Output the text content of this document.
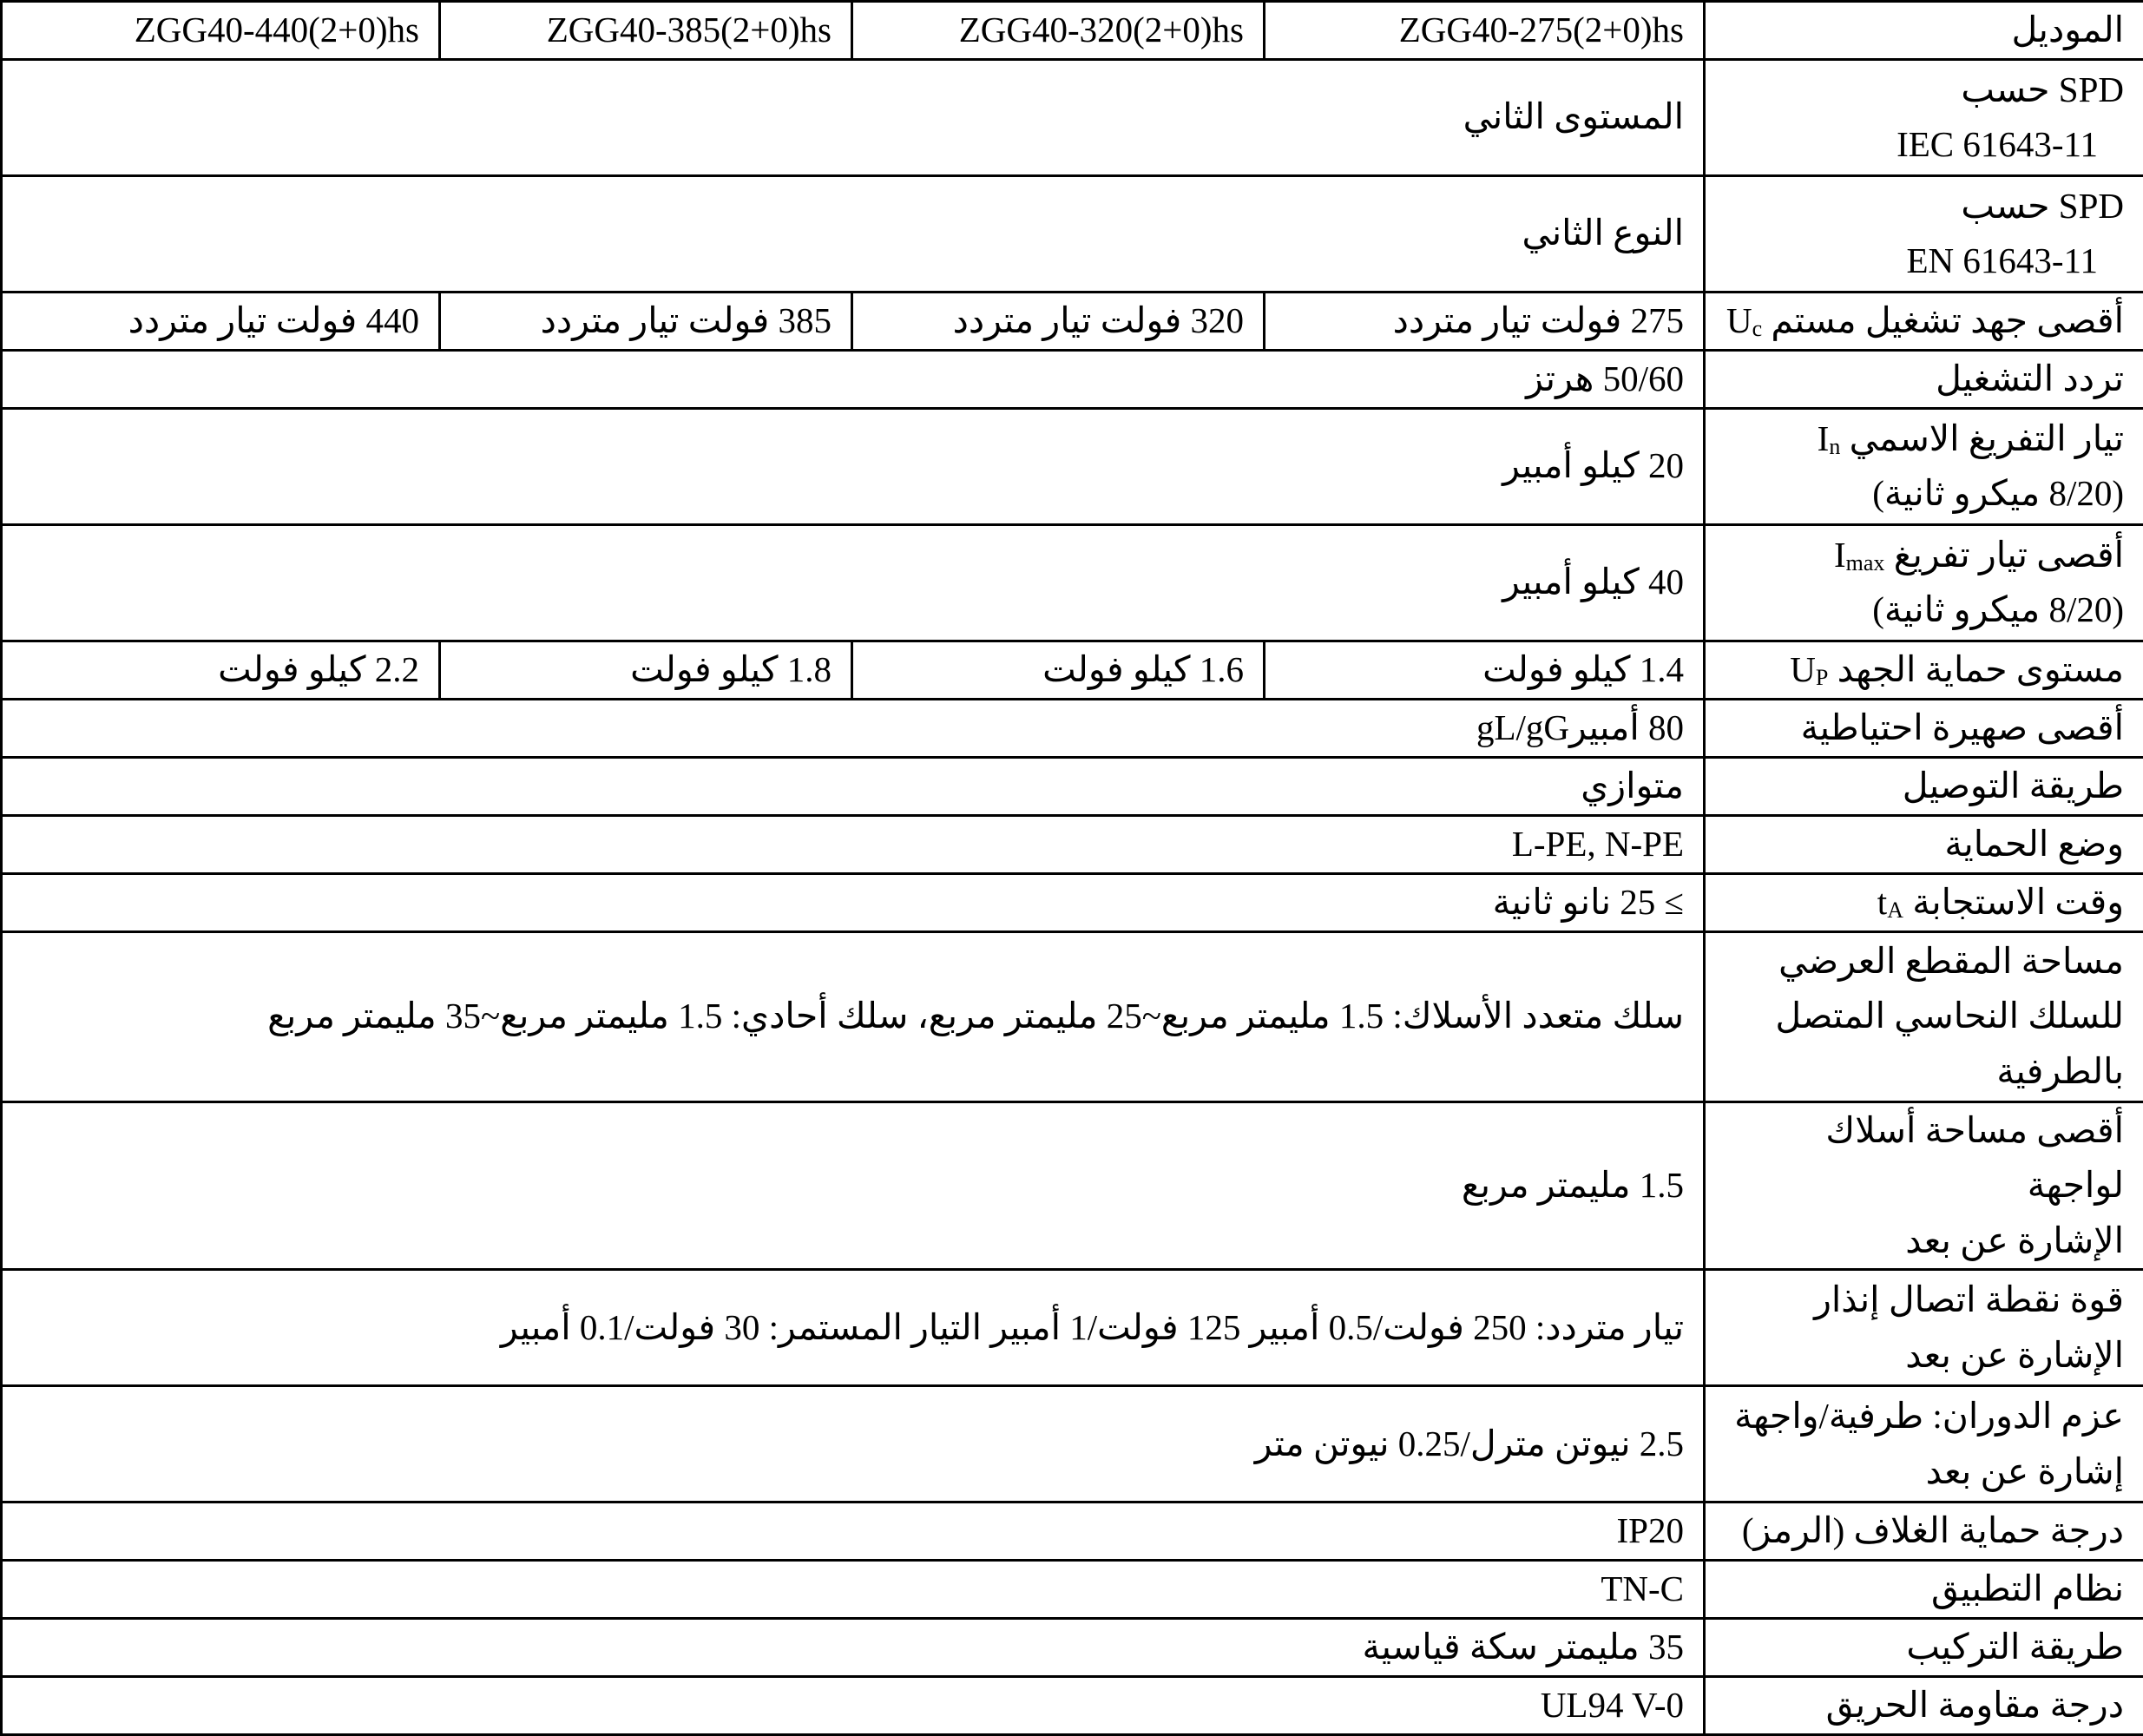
ZGG40-440(2+0)hs	ZGG40-385(2+0)hs	ZGG40-320(2+0)hs	ZGG40-275(2+0)hs	الموديل
المستوى الثاني				SPD حسب
IEC 61643-11

النوع الثاني				SPD حسب
EN 61643-11

440 فولت تيار متردد	385 فولت تيار متردد	320 فولت تيار متردد	275 فولت تيار متردد	أقصى جهد تشغيل مستم $U_c$
50/60 هرتز				تردد التشغيل
20 كيلو أمبير				تيار التفريغ الاسمي $I_n$
(8/20 ميكرو ثانية)

40 كيلو أمبير				أقصى تيار تفريغ $I_{max}$
(8/20 ميكرو ثانية)

2.2 كيلو فولت	1.8 كيلو فولت	1.6 كيلو فولت	1.4 كيلو فولت	مستوى حماية الجهد $U_P$
80 أمبيرgL/gG				أقصى صهيرة احتياطية
متوازي				طريقة التوصيل
L-PE, N-PE				وضع الحماية
≥ 25 نانو ثانية				وقت الاستجابة $t_A$
سلك متعدد الأسلاك: 1.5 مليمتر مربع~25 مليمتر مربع، سلك أحادي: 1.5 مليمتر مربع~35 مليمتر مربع				مساحة المقطع العرضي
للسلك النحاسي المتصل
بالطرفية

1.5 مليمتر مربع				أقصى مساحة أسلاك لواجهة
الإشارة عن بعد

تيار متردد: 250 فولت/0.5 أمبير 125 فولت/1 أمبير التيار المستمر: 30 فولت/0.1 أمبير				قوة نقطة اتصال إنذار
الإشارة عن بعد

2.5 نيوتن مترل/0.25 نيوتن متر				عزم الدوران: طرفية/واجهة
إشارة عن بعد

IP20				درجة حماية الغلاف (الرمز)
TN-C				نظام التطبيق
35 مليمتر سكة قياسية				طريقة التركيب
UL94 V-0				درجة مقاومة الحريق
